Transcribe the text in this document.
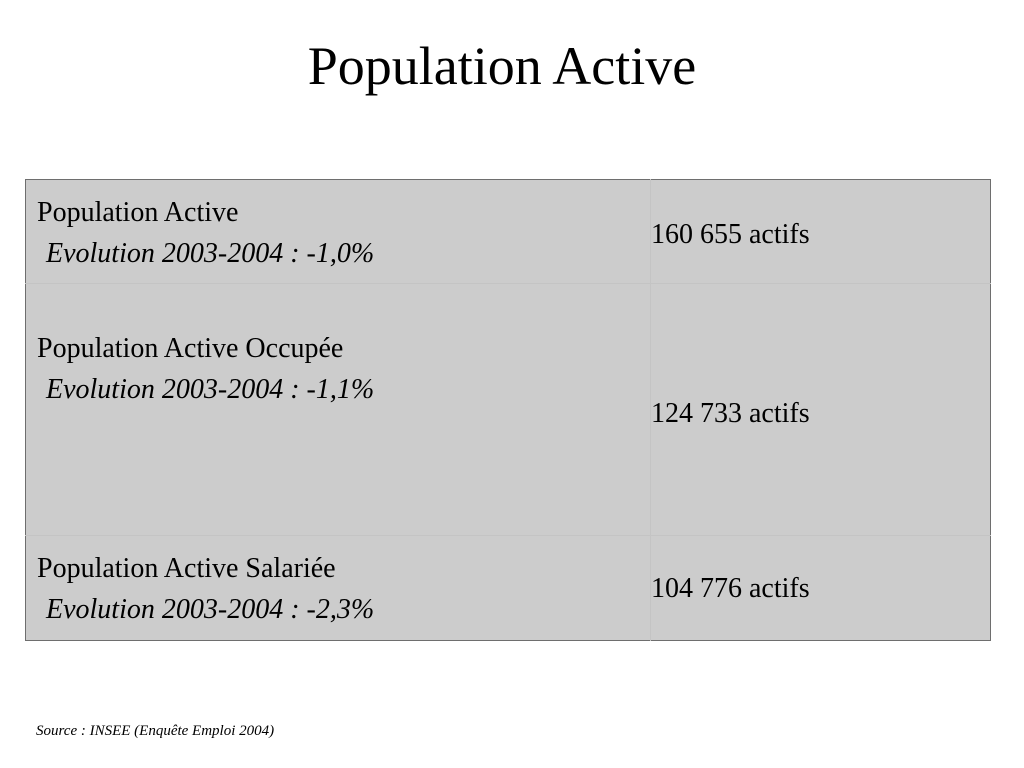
Population Active
Population Active
Evolution 2003-2004 : -1,0%	160 655 actifs

Population Active Occupée
Evolution 2003-2004 : -1,1%	124 733 actifs

Population Active Salariée
Evolution 2003-2004 : -2,3%	104 776 actifs

Source : INSEE (Enquête Emploi 2004)
